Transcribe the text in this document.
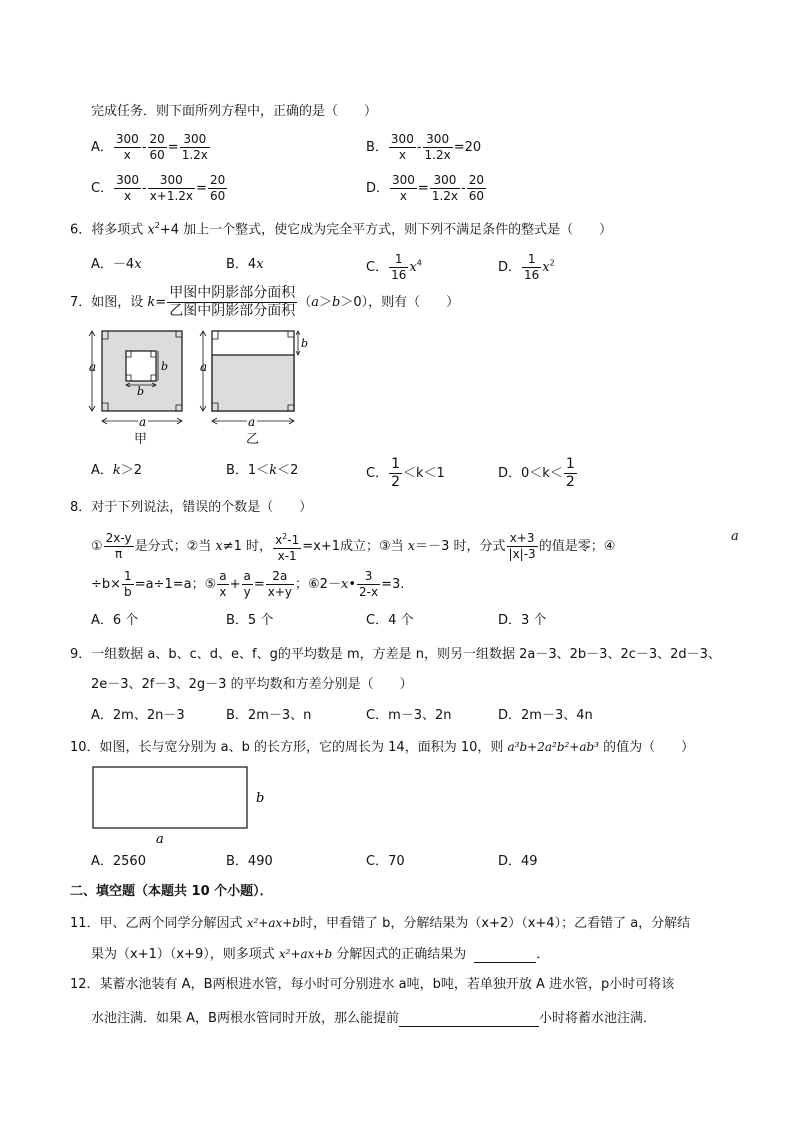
完成任务．则下面所列方程中，正确的是（　　）
A． $\frac{300}{x} - \frac{20}{60} = \frac{300}{1.2x}$	B． $\frac{300}{x} - \frac{300}{1.2x} =20$
C． $\frac{300}{x} - \frac{300}{x+1.2x} = \frac{20}{60}$	D． $\frac{300}{x} = \frac{300}{1.2x} - \frac{20}{60}$
6．将多项式 $x^2+4$ 加上一个整式，使它成为完全平方式，则下列不满足条件的整式是（　　）
A．－4x	B．4x	C． $\frac{1}{16} x^4$	D． $\frac{1}{16} x^2$
7．如图，设 $k= \frac{\text{甲图中阴影部分面积}}{\text{乙图中阴影部分面积}} (a>b>0)$，则有（　　）
a
a
b
b
a
b
a
甲	乙
A．k＞2	B．1＜k＜2	C． $\frac{1}{2} <k<1$	D．$0<k< \frac{1}{2}$
8．对于下列说法，错误的个数是（　　）
① $\frac{2x-y}{\pi}$ 是分式；②当 x≠1 时， $\frac{x^2-1}{x-1} =x+1$成立；③当 x＝－3 时，分式 $\frac{x+3}{|x|-3}$ 的值是零；④
a
$\div b\times \frac{1}{b} =a\div 1=a$；⑤ $\frac{a}{x} + \frac{a}{y} = \frac{2a}{x+y}$ ；⑥2－x• $\frac{3}{2-x} =3$.
A．6 个	B．5 个	C．4 个	D．3 个
9．一组数据 a、b、c、d、e、f、g的平均数是 m，方差是 n，则另一组数据 2a－3、2b－3、2c－3、2d－3、
2e－3、2f－3、2g－3 的平均数和方差分别是（　　）
A．2m、2n－3	B．2m－3、n	C．m－3、2n	D．2m－3、4n
10．如图，长与宽分别为 a、b 的长方形，它的周长为 14，面积为 10，则 a³b+2a²b²+ab³ 的值为（　　）
b
a
A．2560	B．490	C．70	D．49
二、填空题（本题共 10 个小题）．
11．甲、乙两个同学分解因式 x²+ax+b时，甲看错了 b，分解结果为（x+2）（x+4）；乙看错了 a，分解结
果为（x+1）（x+9），则多项式 x²+ax+b 分解因式的正确结果为	．
12．某蓄水池装有 A，B两根进水管，每小时可分别进水 a吨，b吨，若单独开放 A 进水管，p小时可将该
水池注满．如果 A，B两根水管同时开放，那么能提前	小时将蓄水池注满．
